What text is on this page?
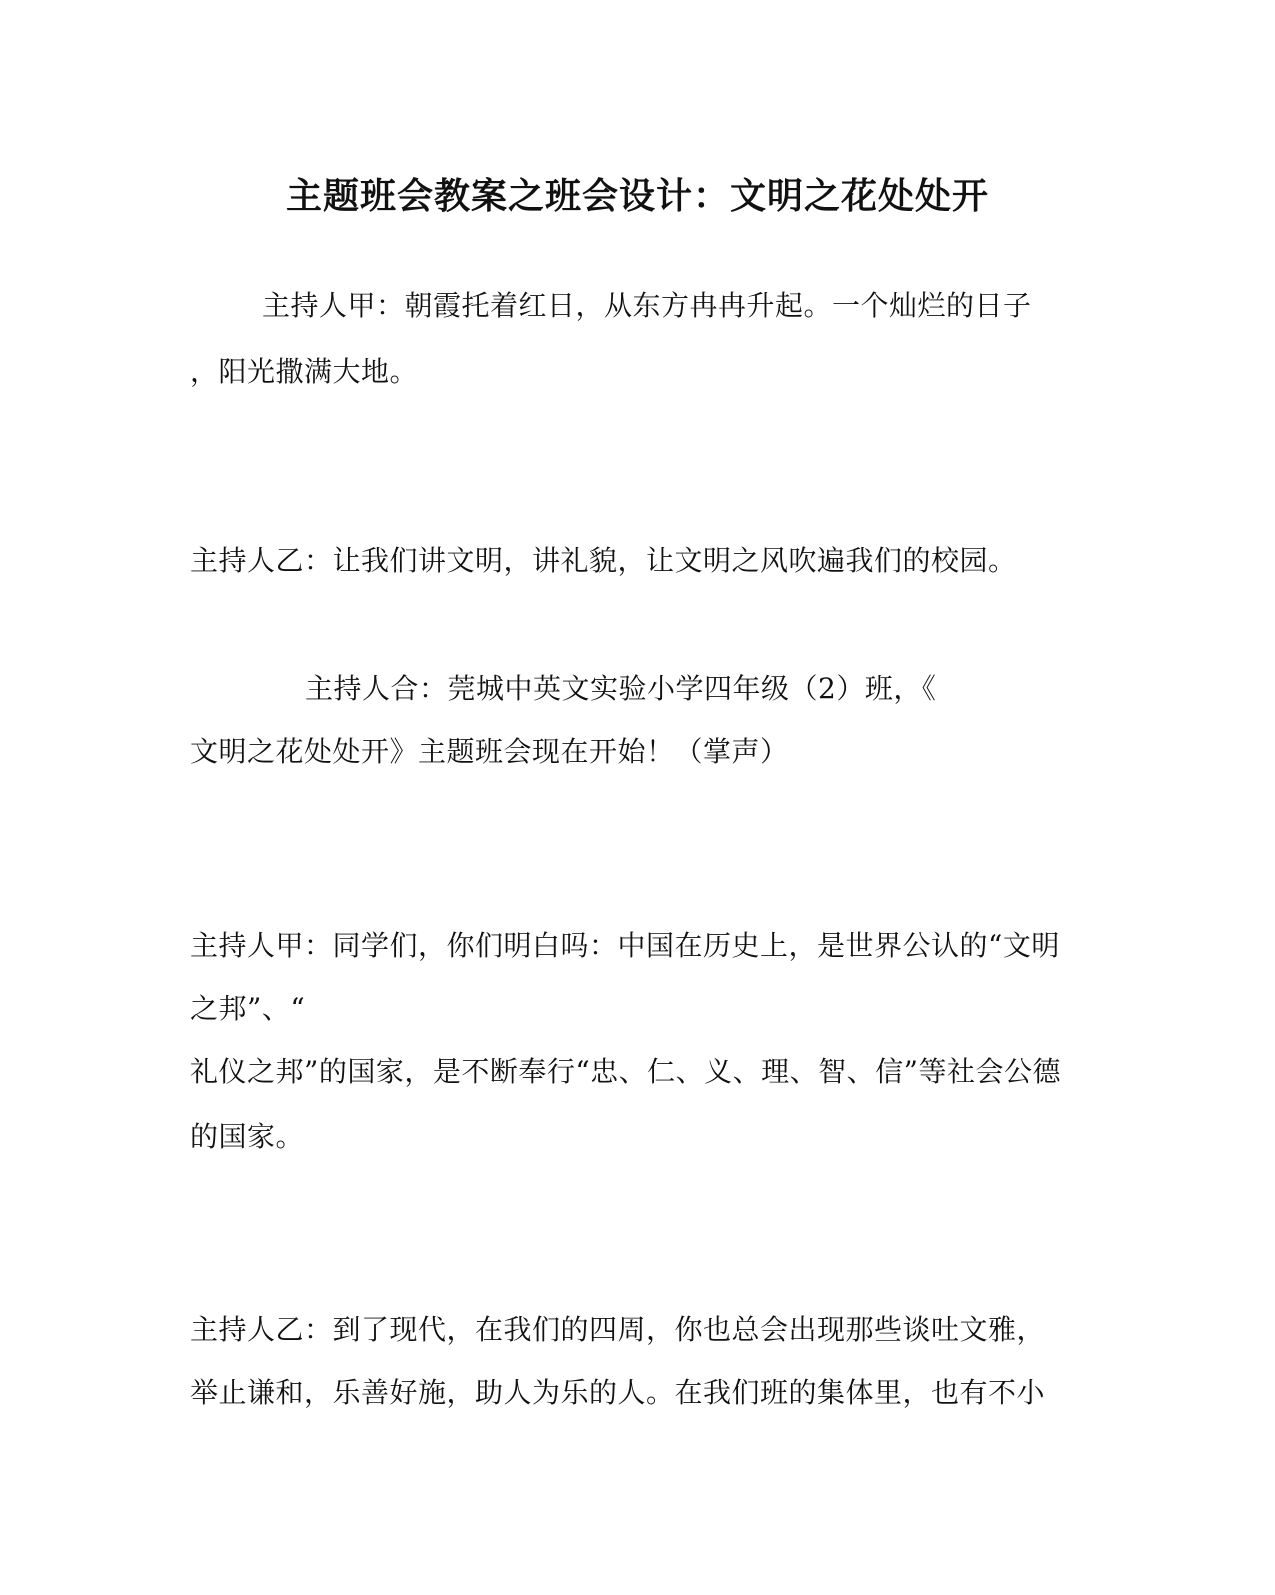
主题班会教案之班会设计：文明之花处处开
主持人甲：朝霞托着红日，从东方冉冉升起。一个灿烂的日子
，阳光撒满大地。
主持人乙：让我们讲文明，讲礼貌，让文明之风吹遍我们的校园。
主持人合：莞城中英文实验小学四年级（2）班，《
文明之花处处开》主题班会现在开始！（掌声）
主持人甲：同学们，你们明白吗：中国在历史上，是世界公认的“文明
之邦”、“
礼仪之邦”的国家，是不断奉行“忠、仁、义、理、智、信”等社会公德
的国家。
主持人乙：到了现代，在我们的四周，你也总会出现那些谈吐文雅，
举止谦和，乐善好施，助人为乐的人。在我们班的集体里，也有不小
